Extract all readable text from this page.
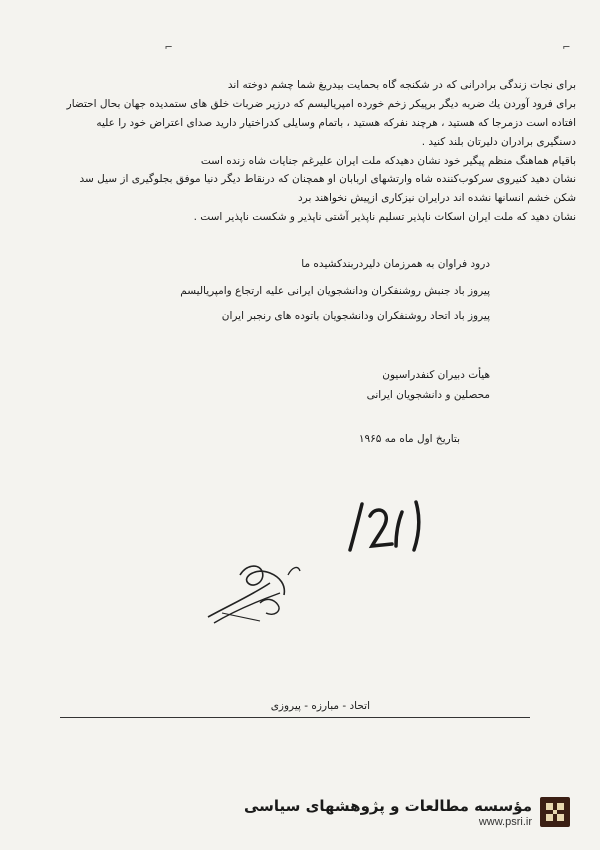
⌐
⌐
برای نجات زندگی برادرانی که در شکنجه گاه بحمایت بیدریغ شما چشم دوخته اند
برای فرود آوردن یك ضربه دیگر برپیکر زخم خورده امپریالیسم که درزیر ضربات خلق های ستمدیده جهان بحال احتضار
افتاده است دزمرجا که هستید ، هرچند نفرکه هستید ، باتمام وسایلی کدراختیار دارید صدای اعتراض خود را علیه
دسنگیری برادران دلیرتان بلند کنید .
باقیام هماهنگ منظم پیگیر خود نشان دهیدکه ملت ایران علیرغم جنایات شاه زنده است
نشان دهید کنیروی سرکوب‌کننده شاه وارتشهای اربابان او همچنان که درنقاط دیگر دنیا موفق بجلوگیری از سیل سد
شکن خشم انسانها نشده اند درایران نیزکاری ازپیش نخواهند برد
نشان دهید که ملت ایران اسکات ناپذیر تسلیم ناپذیر آشتی ناپذیر و شکست ناپذیر است .
درود فراوان به همرزمان دلیردربندکشیده ما
پیروز باد جنبش روشنفکران ودانشجویان ایرانی علیه ارتجاع وامپریالیسم
پیروز باد اتحاد روشنفکران ودانشجویان باتوده های رنجبر ایران
هیأت دبیران کنفدراسیون
محصلین و دانشجویان ایرانی
بتاریخ اول ماه مه ۱۹۶۵
اتحاد - مبارزه - پیروزی
مؤسسه مطالعات و پژوهشهای سیاسی
www.psri.ir
